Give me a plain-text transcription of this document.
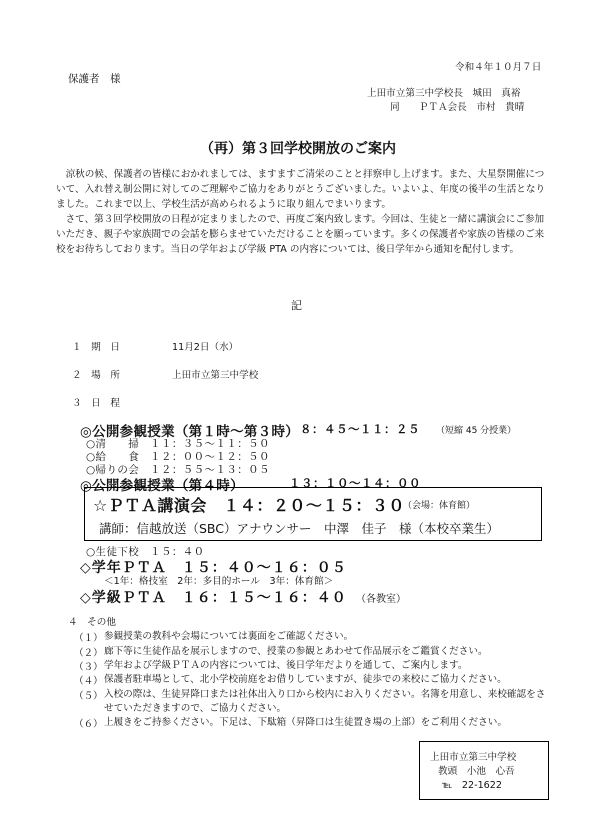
令和４年１０月７日
保護者　様
上田市立第三中学校長　城田　真裕
同　　ＰＴＡ会長　市村　貴晴
（再）第３回学校開放のご案内
涼秋の候、保護者の皆様におかれましては、ますますご清栄のことと拝察申し上げます。また、大星祭開催について、入れ替え制公開に対してのご理解やご協力をありがとうございました。いよいよ、年度の後半の生活となりました。これまで以上、学校生活が高められるように取り組んでまいります。
さて、第３回学校開放の日程が定まりましたので、再度ご案内致します。今回は、生徒と一緒に講演会にご参加いただき、親子や家族間での会話を膨らませていただけることを願っています。多くの保護者や家族の皆様のご来校をお待ちしております。当日の学年および学級 PTA の内容については、後日学年から通知を配付します。
記
１　期　日	11月2日（水）
２　場　所	上田市立第三中学校
３　日　程
◎公開参観授業（第１時〜第３時） ８：４５〜１１：２５ （短縮 45 分授業）
○清　　掃　１１：３５〜１１：５０
○給　　食　１２：００〜１２：５０
○帰りの会　１２：５５〜１３：０５
◎公開参観授業（第４時）	１３：１０〜１４：００
☆ＰＴＡ講演会　１４：２０〜１５：３０
（会場：体育館）
講師：信越放送（SBC）アナウンサー　中澤　佳子　様（本校卒業生）
○生徒下校　１５：４０
◇学年ＰＴＡ　１５：４０〜１６：０５
＜1年：格技室　2年：多目的ホール　3年：体育館＞
◇学級ＰＴＡ　１６：１５〜１６：４０ （各教室）
４　その他
（１） 参観授業の教科や会場については裏面をご確認ください。
（２） 廊下等に生徒作品を展示しますので、授業の参観とあわせて作品展示をご鑑賞ください。
（３） 学年および学級ＰＴＡの内容については、後日学年だよりを通して、ご案内します。
（４） 保護者駐車場として、北小学校前庭をお借りしていますが、徒歩での来校にご協力ください。
（５） 入校の際は、生徒昇降口または社体出入り口から校内にお入りください。名簿を用意し、来校確認をさせていただきますので、ご協力ください。
（６） 上履きをご持参ください。下足は、下駄箱（昇降口は生徒置き場の上部）をご利用ください。
上田市立第三中学校
教頭　小池　心吾
℡　22-1622
